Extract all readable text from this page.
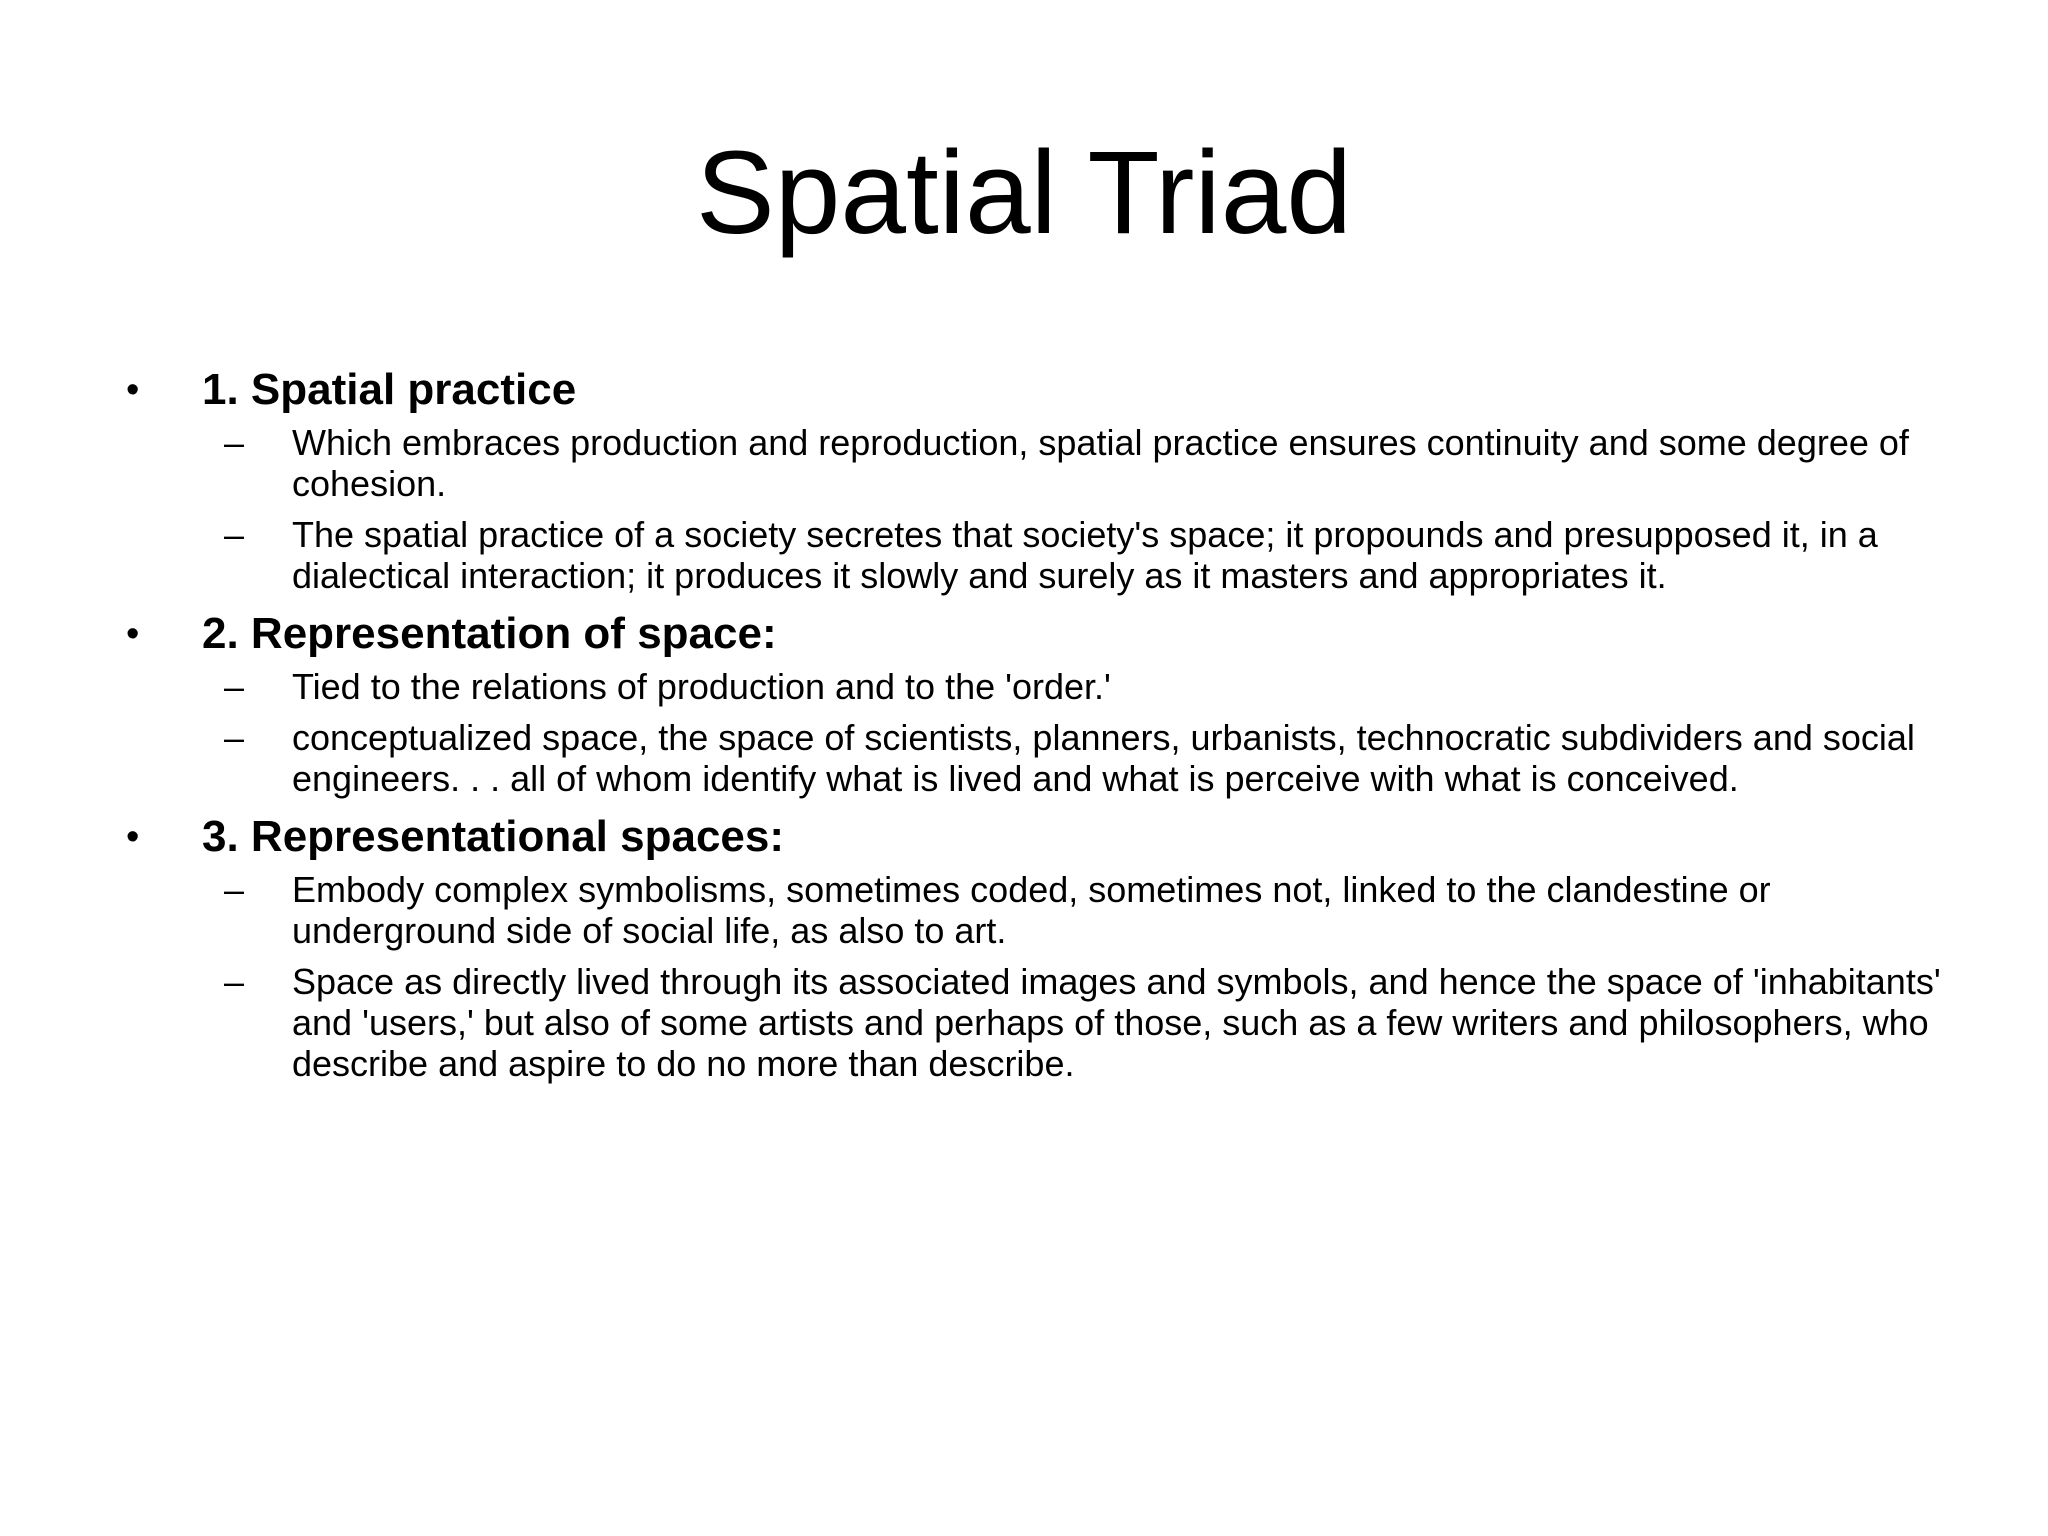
Spatial Triad
• 1. Spatial practice
– Which embraces production and reproduction, spatial practice ensures continuity and some degree of cohesion.
– The spatial practice of a society secretes that society's space; it propounds and presupposed it, in a dialectical interaction; it produces it slowly and surely as it masters and appropriates it.
• 2. Representation of space:
– Tied to the relations of production and to the 'order.'
– conceptualized space, the space of scientists, planners, urbanists, technocratic subdividers and social engineers. . . all of whom identify what is lived and what is perceive with what is conceived.
• 3. Representational spaces:
– Embody complex symbolisms, sometimes coded, sometimes not, linked to the clandestine or underground side of social life, as also to art.
– Space as directly lived through its associated images and symbols, and hence the space of 'inhabitants' and 'users,' but also of some artists and perhaps of those, such as a few writers and philosophers, who describe and aspire to do no more than describe.
